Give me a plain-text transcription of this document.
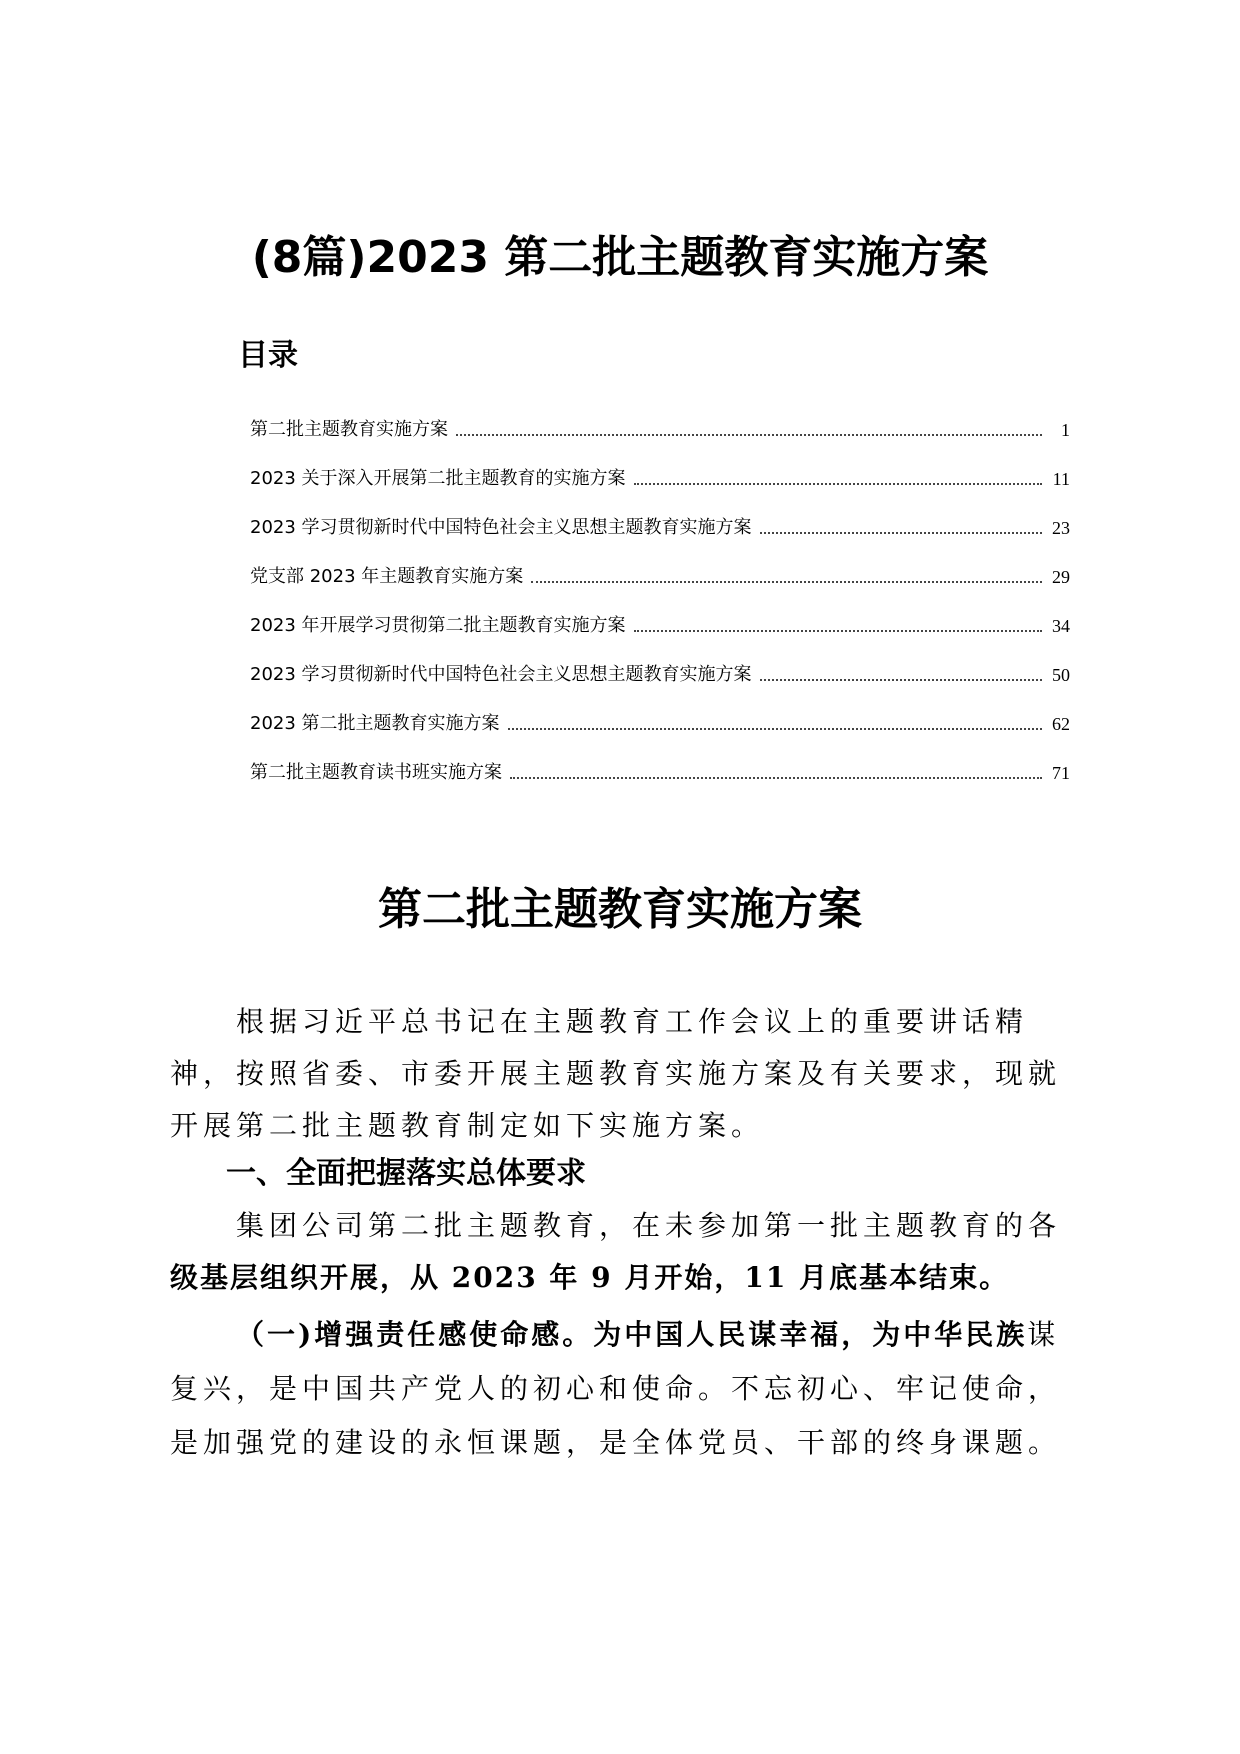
(8篇)2023 第二批主题教育实施方案
目录
第二批主题教育实施方案	1
2023 关于深入开展第二批主题教育的实施方案	11
2023 学习贯彻新时代中国特色社会主义思想主题教育实施方案	23
党支部 2023 年主题教育实施方案	29
2023 年开展学习贯彻第二批主题教育实施方案	34
2023 学习贯彻新时代中国特色社会主义思想主题教育实施方案	50
2023 第二批主题教育实施方案	62
第二批主题教育读书班实施方案	71
第二批主题教育实施方案
根据习近平总书记在主题教育工作会议上的重要讲话精神，按照省委、市委开展主题教育实施方案及有关要求，现就开展第二批主题教育制定如下实施方案。
一、全面把握落实总体要求
集团公司第二批主题教育，在未参加第一批主题教育的各
级基层组织开展，从 2023 年 9 月开始，11 月底基本结束。
（一)增强责任感使命感。为中国人民谋幸福，为中华民族谋复兴，是中国共产党人的初心和使命。不忘初心、牢记使命，是加强党的建设的永恒课题，是全体党员、干部的终身课题。
